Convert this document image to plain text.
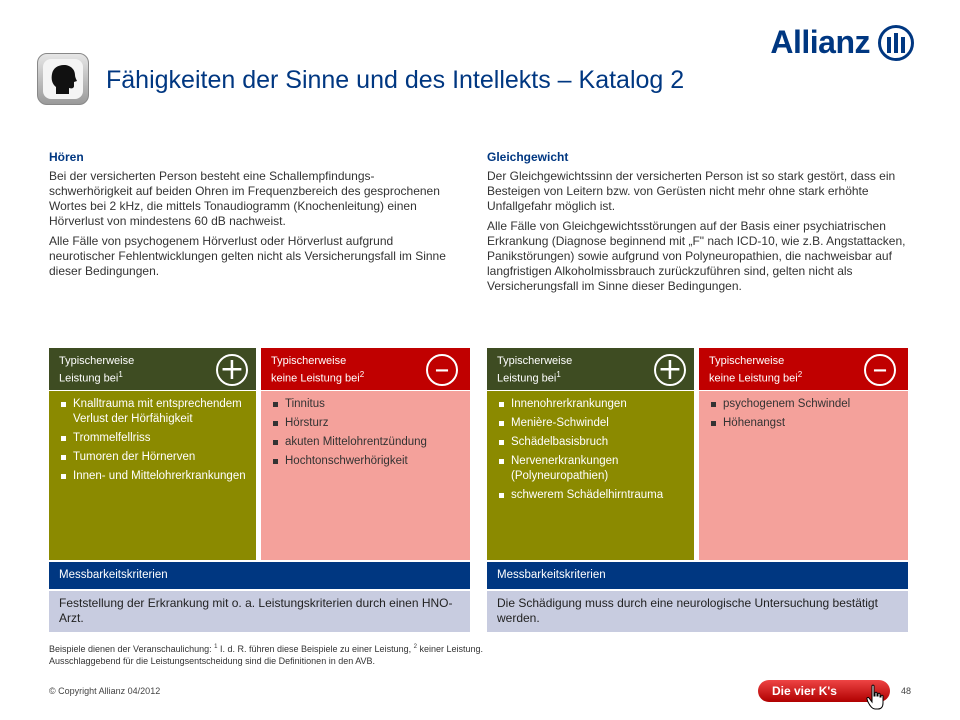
Allianz
Fähigkeiten der Sinne und des Intellekts – Katalog 2
Hören

Bei der versicherten Person besteht eine Schallempfindungs-schwerhörigkeit auf beiden Ohren im Frequenzbereich des gesprochenen Wortes bei 2 kHz, die mittels Tonaudiogramm (Knochenleitung) einen Hörverlust von mindestens 60 dB nachweist.

Alle Fälle von psychogenem Hörverlust oder Hörverlust aufgrund neurotischer Fehlentwicklungen gelten nicht als Versicherungsfall im Sinne dieser Bedingungen.

Gleichgewicht

Der Gleichgewichtssinn der versicherten Person ist so stark gestört, dass ein Besteigen von Leitern bzw. von Gerüsten nicht mehr ohne stark erhöhte Unfallgefahr möglich ist.

Alle Fälle von Gleichgewichtsstörungen auf der Basis einer psychiatrischen Erkrankung (Diagnose beginnend mit „F" nach ICD-10, wie z.B. Angstattacken, Panikstörungen) sowie aufgrund von Polyneuropathien, die nachweisbar auf langfristigen Alkoholmissbrauch zurückzuführen sind, gelten nicht als Versicherungsfall im Sinne dieser Bedingungen.

Typischerweise
Leistung bei$^1$	+	Typischerweise
keine Leistung bei$^2$	–
Knalltrauma mit entsprechendem Verlust der Hörfähigkeit
Trommelfellriss
Tumoren der Hörnerven
Innen- und Mittelohrerkrankungen
Tinnitus
Hörsturz
akuten Mittelohrentzündung
Hochtonschwerhörigkeit
Messbarkeitskriterien
Feststellung der Erkrankung mit o. a. Leistungskriterien durch einen HNO-Arzt.
Typischerweise
Leistung bei$^1$	+	Typischerweise
keine Leistung bei$^2$	–
Innenohrerkrankungen
Menière-Schwindel
Schädelbasisbruch
Nervenerkrankungen (Polyneuropathien)
schwerem Schädelhirntrauma
psychogenem Schwindel
Höhenangst
Messbarkeitskriterien
Die Schädigung muss durch eine neurologische Untersuchung bestätigt werden.
Beispiele dienen der Veranschaulichung: $^1$ I. d. R. führen diese Beispiele zu einer Leistung, $^2$ keiner Leistung.
Ausschlaggebend für die Leistungsentscheidung sind die Definitionen in den AVB.
© Copyright Allianz 04/2012	48
Die vier K's
